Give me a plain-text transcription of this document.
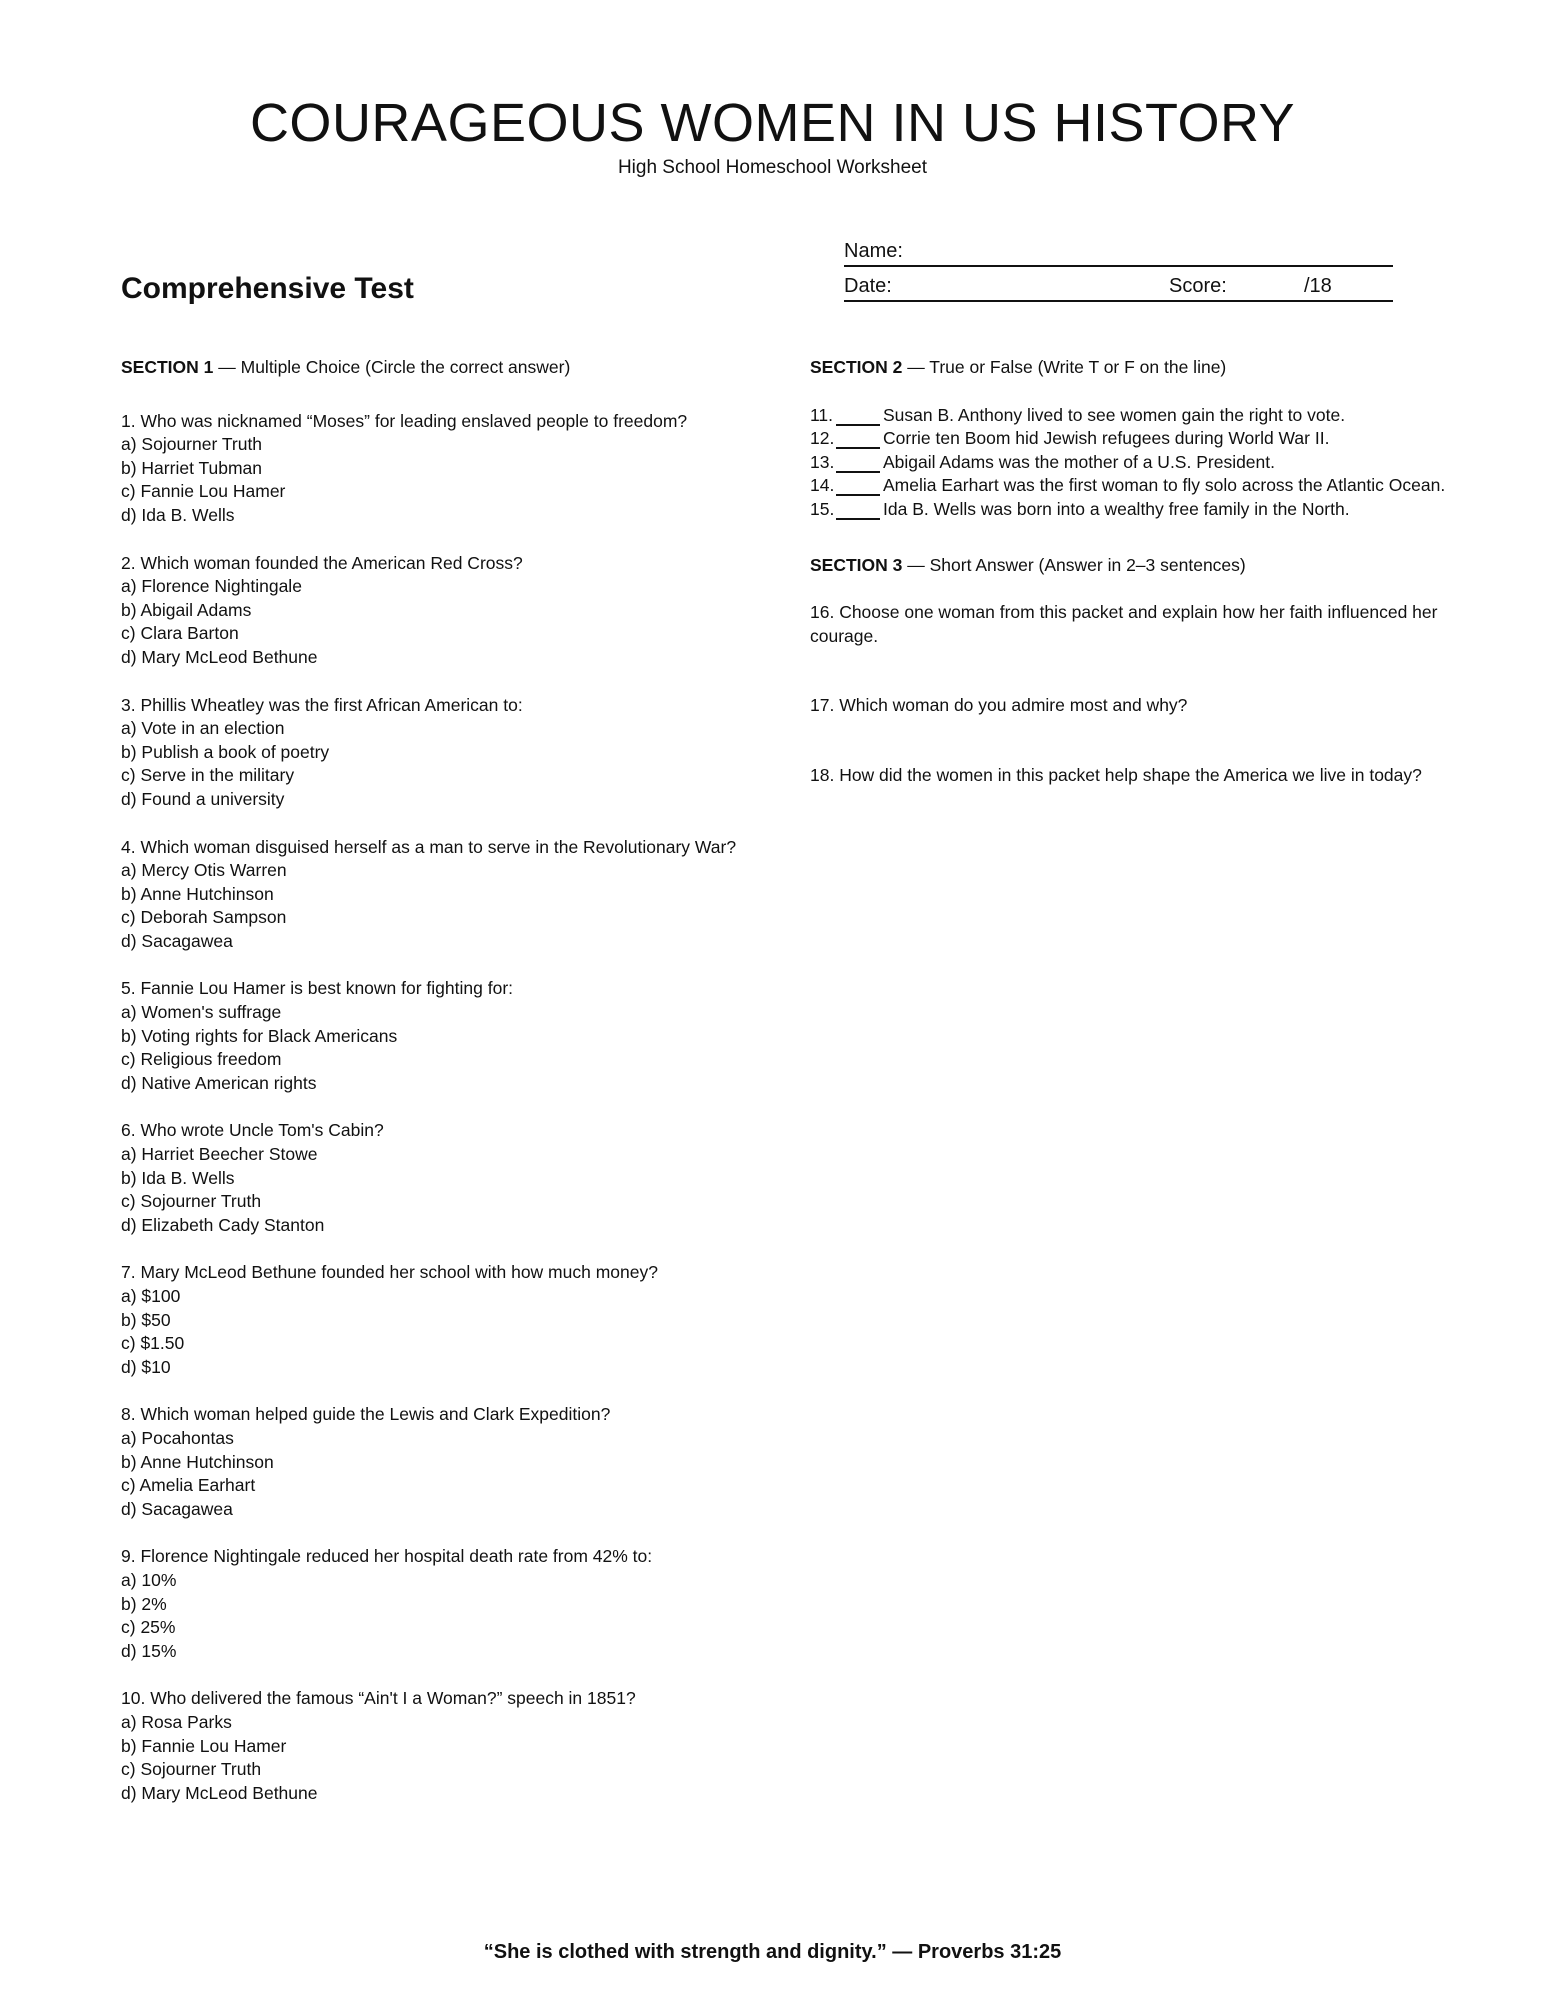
COURAGEOUS WOMEN IN US HISTORY
High School Homeschool Worksheet
Name:
Date:	Score:	/18
Comprehensive Test

SECTION 1 — Multiple Choice (Circle the correct answer)

1. Who was nicknamed “Moses” for leading enslaved people to freedom?

a) Sojourner Truth

b) Harriet Tubman

c) Fannie Lou Hamer

d) Ida B. Wells

2. Which woman founded the American Red Cross?

a) Florence Nightingale

b) Abigail Adams

c) Clara Barton

d) Mary McLeod Bethune

3. Phillis Wheatley was the first African American to:

a) Vote in an election

b) Publish a book of poetry

c) Serve in the military

d) Found a university

4. Which woman disguised herself as a man to serve in the Revolutionary War?

a) Mercy Otis Warren

b) Anne Hutchinson

c) Deborah Sampson

d) Sacagawea

5. Fannie Lou Hamer is best known for fighting for:

a) Women's suffrage

b) Voting rights for Black Americans

c) Religious freedom

d) Native American rights

6. Who wrote Uncle Tom's Cabin?

a) Harriet Beecher Stowe

b) Ida B. Wells

c) Sojourner Truth

d) Elizabeth Cady Stanton

7. Mary McLeod Bethune founded her school with how much money?

a) $100

b) $50

c) $1.50

d) $10

8. Which woman helped guide the Lewis and Clark Expedition?

a) Pocahontas

b) Anne Hutchinson

c) Amelia Earhart

d) Sacagawea

9. Florence Nightingale reduced her hospital death rate from 42% to:

a) 10%

b) 2%

c) 25%

d) 15%

10. Who delivered the famous “Ain't I a Woman?” speech in 1851?

a) Rosa Parks

b) Fannie Lou Hamer

c) Sojourner Truth

d) Mary McLeod Bethune

SECTION 2 — True or False (Write T or F on the line)

11.	Susan B. Anthony lived to see women gain the right to vote.
12.	Corrie ten Boom hid Jewish refugees during World War II.
13.	Abigail Adams was the mother of a U.S. President.
14.	Amelia Earhart was the first woman to fly solo across the Atlantic Ocean.
15.	Ida B. Wells was born into a wealthy free family in the North.

SECTION 3 — Short Answer (Answer in 2–3 sentences)

16. Choose one woman from this packet and explain how her faith influenced her courage.

17. Which woman do you admire most and why?

18. How did the women in this packet help shape the America we live in today?

“She is clothed with strength and dignity.” — Proverbs 31:25
